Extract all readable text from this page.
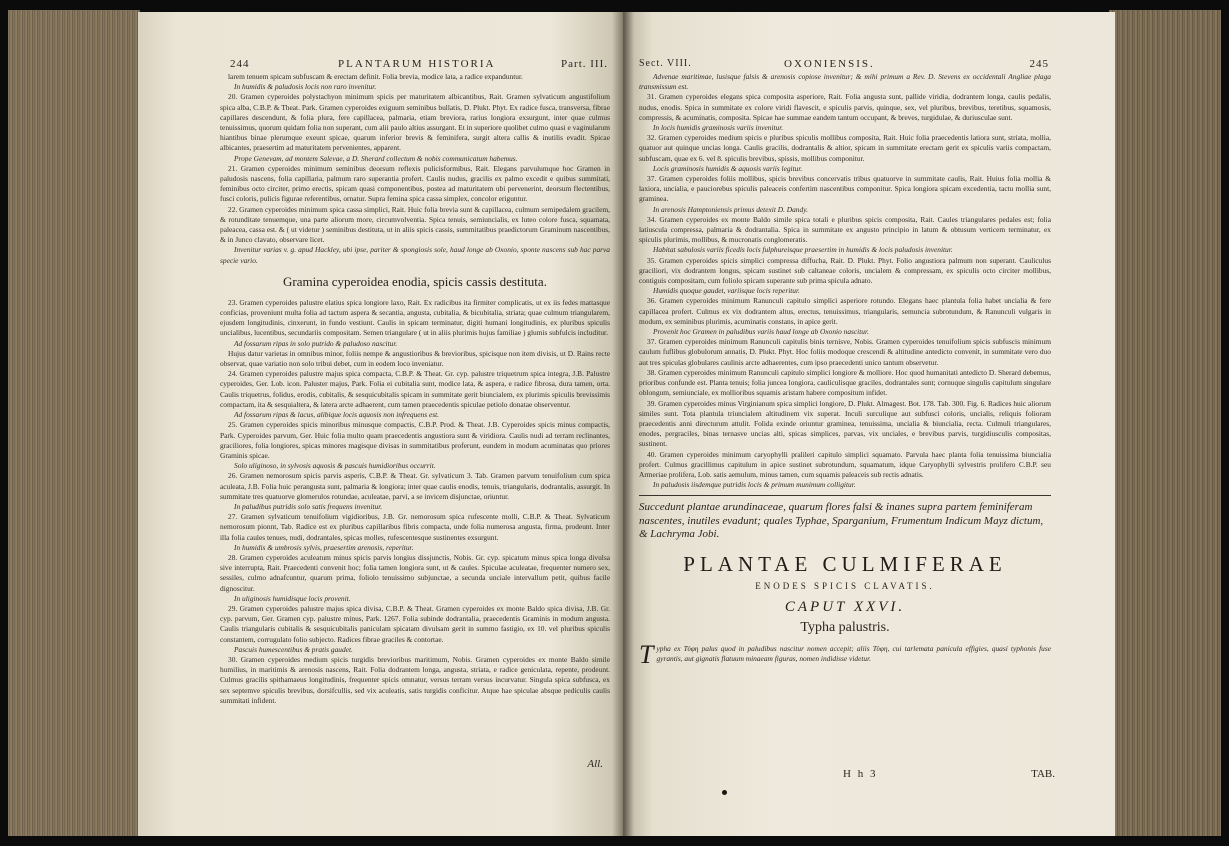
244	PLANTARUM HISTORIA	Part. III.

larem tenuem spicam subfuscam & erectam definit. Folia brevia, modice lata, a radice expanduntur.

In humidis & paludosis locis non raro invenitur.

20. Gramen cyperoides polystachyon minimum spicis per maturitatem albicantibus, Rait. Gramen sylvaticum angustifolium spica alba, C.B.P. & Theat. Park. Gramen cyperoides exiguum seminibus bullatis, D. Plukt. Phyt. Ex radice fusca, transversa, fibrae capillares descendunt, & folia plura, fere capillacea, palmaria, etiam breviora, rarius longiora exsurgunt, inter quae culmus tenuissimus, quorum quidam folia non superant, cum alii paulo altius assurgant. Et in superiore quolibet culmo quasi e vaginularum hiantibus binae plerumque exeunt spicae, quarum inferior brevis & feminifera, surgit altera callis & inutilis evadit. Spicae albicantes, praesertim ad maturitatem pervenientes, apparent.

Prope Genevam, ad montem Salevae, a D. Sherard collectum & nobis communicatum habemus.

21. Gramen cyperoides minimum seminibus deorsum reflexis pulicisformibus, Rait. Elegans parvulumque hoc Gramen in paludosis nascens, folia capillaria, palmum raro superantia profert. Caulis nudus, gracilis ex palmo excedit e quibus summitati, feminibus octo circiter, primo erectis, spicam quasi componentibus, postea ad maturitatem ubi pervenerint, deorsum flectentibus, fusci coloris, pulicis figurae referentibus, ornatur. Supra femina spica cassa simplex, concolor eriguntur.

22. Gramen cyperoides minimum spica cassa simplici, Rait. Huic folia brevia sunt & capillacea, culmum semipedalem gracilem, & rotunditate tenuemque, una parte aliorum more, circumvolventia. Spica tenuis, semiuncialis, ex luteo colore fusca, squamata, paleacea, cassa est. & ( ut videtur ) seminibus destituta, ut in aliis spicis cassis, summitatibus praedictorum Graminum nascentibus, & in Junco clavato, observare licet.

Invenitur varias v. g. apud Hackley, ubi ipse, pariter & spongiosis sole, haud longe ab Oxonio, sponte nascens sub hac parva specie vario.

Gramina cyperoidea enodia, spicis cassis destituta.

23. Gramen cyperoides palustre elatius spica longiore laxo, Rait. Ex radicibus ita firmiter complicatis, ut ex iis fedes mattasque conficias, proveniunt multa folia ad tactum aspera & secantia, angusta, cubitalia, & bicubitalia, striata; quae culmum triangularem, ejusdem longitudinis, cinxerunt, in fundo vestiunt. Caulis in spicam terminatur, digiti humani longitudinis, ex pluribus spiculis uncialibus, lucentibus, secundariis compositam. Semen triangulare ( ut in aliis plurimis hujus familiae ) glumis subfulcis includitur.

Ad fossarum ripas in solo putrido & paludoso nascitur.

Hujus datur varietas in omnibus minor, foliis nempe & angustioribus & brevioribus, spicisque non item divisis, ut D. Rains recte observat, quae variatio non solo tribui debet, cum in eodem loco inveniatur.

24. Gramen cyperoides palustre majus spica compacta, C.B.P. & Theat. Gr. cyp. palustre triquetrum spica integra, J.B. Palustre cyperoides, Ger. Lob. icon. Paluster majus, Park. Folia ei cubitalia sunt, modice lata, & aspera, e radice fibrosa, dura tamen, orta. Caulis triquetrus, folidus, erodis, cubitalis, & sesquicubitalis spicam in summitate gerit biuncialem, ex plurimis spiculis brevissimis compactam, ita & sesquialtera, & latera arcte adhaerent, cum tamen praecedentis spiculae petiolo donatae observentur.

Ad fossarum ripas & lacus, alibique locis aquosis non infrequens est.

25. Gramen cyperoides spicis minoribus minusque compactis, C.B.P. Prod. & Theat. J.B. Cyperoides spicis minus compactis, Park. Cyperoides parvum, Ger. Huic folia multo quam praecedentis angustiora sunt & viridiora. Caulis nudi ad terram reclinantes, graciliores, folia longiores, spicas minores magisque divisas in summitatibus proferunt, eundem in modum acuminatas quo priores Graminis spicae.

Solo uliginoso, in sylvosis aquosis & pascuis humidioribus occurrit.

26. Gramen nemorosum spicis parvis asperis, C.B.P. & Theat. Gr. sylvaticum 3. Tab. Gramen parvum tenuifolium cum spica aculeata, J.B. Folia huic perangusta sunt, palmaria & longiora; inter quae caulis enodis, tenuis, triangularis, dodrantalis, assurgit. In summitate tres quatuorve glomerulos rotundae, aculeatae, parvi, a se invicem disjunctae, oriuntur.

In paludibus putridis solo satis frequens invenitur.

27. Gramen sylvaticum tenuifolium vigidioribus, J.B. Gr. nemorosum spica rufescente molli, C.B.P. & Theat. Sylvaticum nemorosum pionnt, Tab. Radice est ex pluribus capillaribus fibris compacta, unde folia numerosa angusta, firma, prodeunt. Inter illa folia caules tenues, nudi, dodrantales, spicas molles, rufescentesque sustinentes exsurgunt.

In humidis & umbrosis sylvis, praesertim arenosis, reperitur.

28. Gramen cyperoides aculeatum minus spicis parvis longius dissjunctis, Nobis. Gr. cyp. spicatum minus spica longa divulsa sive interrupta, Rait. Praecedenti convenit hoc; folia tamen longiora sunt, ut & caules. Spiculae aculeatae, frequenter numero sex, sessiles, culmo adnafcuntur, quarum prima, foliolo tenuissimo subjunctae, a secunda unciale intervallum petit, quibus facile dignoscitur.

In uliginosis humidisque locis provenit.

29. Gramen cyperoides palustre majus spica divisa, C.B.P. & Theat. Gramen cyperoides ex monte Baldo spica divisa, J.B. Gr. cyp. parvum, Ger. Gramen cyp. palustre minus, Park. 1267. Folia subinde dodrantalia, praecedentis Graminis in modum angusta. Caulis triangularis cubitalis & sesquicubitalis paniculam spicatam divulsam gerit in summo fastigio, ex 10. vel pluribus spiculis constantem, corrugulato folio subjecto. Radices fibrae graciles & contortae.

Pascuis humescentibus & pratis gaudet.

30. Gramen cyperoides medium spicis turgidis brevioribus maritimum, Nobis. Gramen cyperoides ex monte Baldo simile humilius, in maritimis & arenosis nascens, Rait. Folia dodrantem longa, angusta, striata, e radice geniculata, repente, prodeunt. Culmus gracilis spithamaeus longitudinis, frequenter spicis omnatur, versus terram versus incurvatur. Singula spica subfusca, ex sex septemve spiculis brevibus, dorsifcullis, sed vix aculeatis, satis turgidis conficitur. Atque hae spiculae absque pediculis caulis summitati infident.

All.
Sect. VIII.	OXONIENSIS.	245

Advenae maritimae, lusisque falsis & arenosis copiose invenitur; & mihi primum a Rev. D. Stevens ex occidentali Angliae plaga transmissum est.

31. Gramen cyperoides elegans spica composita asperiore, Rait. Folia angusta sunt, pallide viridia, dodrantem longa, caulis pedalis, nudus, enodis. Spica in summitate ex colore viridi flavescit, e spiculis parvis, quinque, sex, vel pluribus, brevibus, teretibus, squamosis, compressis, & acuminatis, composita. Spicae hae summae eandem tantum occupant, & breves, turgidulae, & duriusculae sunt.

In locis humidis graminosis variis invenitur.

32. Gramen cyperoides medium spicis e pluribus spiculis mollibus composita, Rait. Huic folia praecedentis latiora sunt, striata, mollia, quatuor aut quinque uncias longa. Caulis gracilis, dodrantalis & altior, spicam in summitate erectam gerit ex spiculis variis compactam, subfuscam, quae ex 6. vel 8. spiculis brevibus, spissis, mollibus componitur.

Locis graminosis humidis & aquosis variis legitur.

37. Gramen cyperoides foliis mollibus, spicis brevibus concervatis tribus quatuorve in summitate caulis, Rait. Huius folia mollia & laxiora, uncialia, e pauciorebus spiculis paleaceis confertim nascentibus componitur. Spica longiora spicam excedentia, tactu mollia sunt, graminea.

In arenosis Hamptoniensis primus detexit D. Dandy.

34. Gramen cyperoides ex monte Baldo simile spica totali e pluribus spicis composita, Rait. Caules triangulares pedales est; folia latiuscula compressa, palmaria & dodrantalia. Spica in summitate ex angusto principio in latum & obtusum verticem terminatur, ex spiculis plurimis, mollibus, & mucronatis conglomeratis.

Habitat sabulosis variis ficedis locis fulphureisque praesertim in humidis & locis paludosis invenitur.

35. Gramen cyperoides spicis simplici compressa diffucha, Rait. D. Plukt. Phyt. Folio angustiora palmum non superant. Cauliculus graciliori, vix dodrantem longus, spicam sustinet sub caltaneae coloris, uncialem & compressam, ex spiculis octo circiter mollibus, contiguis compositam, cum foliolo spicam superante sub prima spicula adnato.

Humidis quoque gaudet, variisque locis reperitur.

36. Gramen cyperoides minimum Ranunculi capitulo simplici asperiore rotundo. Elegans haec plantula folia habet uncialia & fere capillacea profert. Culmus ex vix dodrantem altus, erectus, tenuissimus, triangularis, semuncia subrotundum, & Ranunculi vulgaris in modum, ex seminibus plurimis, acuminatis constans, in apice gerit.

Provenit hoc Gramen in paludibus variis haud longe ab Oxonio nascitur.

37. Gramen cyperoides minimum Ranunculi capitulis binis ternisve, Nobis. Gramen cyperoides tenuifolium spicis subfuscis minimum caulum fuflibus globulorum annatis, D. Plukt. Phyt. Hoc foliis modoque crescendi & altitudine antedicto convenit, in summitate vero duo aut tres spiculas globulares caulinis arcte adhaerentes, cum ipso praecedenti unico tantum observetur.

38. Gramen cyperoides minimum Ranunculi capitulo simplici longiore & molliore. Hoc quod humanitati antedicto D. Sherard debemus, prioribus confunde est. Planta tenuis; folia juncea longiora, cauliculisque graciles, dodrantales sunt; cornuque singulis capitulum singulare oblongum, semiunciale, ex mollioribus squamis aristam habere compositum infidet.

39. Gramen cyperoides minus Virginianum spica simplici longiore, D. Plukt. Almagest. Bot. 178. Tab. 300. Fig. 6. Radices huic aliorum similes sunt. Tota plantula triuncialem altitudinem vix superat. Inculi surculique aut subfusci coloris, uncialis, reliquis folioram praecedentis anni directurum attulit. Folida exinde oriuntur graminea, tenuissima, uncialia & biuncialia, recta. Culmuli triangulares, enodes, pergraciles, binas ternasve uncias alti, spicas simplices, parvas, vix unciales, e brevibus parvis, turgidiusculis compositas, sustinent.

40. Gramen cyperoides minimum caryophylli pralileri capitulo simplici squamato. Parvula haec planta folia tenuissima biuncialia profert. Culmus gracillimus capitulum in apice sustinet subrotundum, squamatum, idque Caryophylli sylvestris prolifero C.B.P. seu Armeriae prolifera, Lob. satis aemulum, minus tamen, cum squamis paleaceis sub rectis adnatis.

In paludosis iisdemque putridis locis & primum munimum colligitur.

Succedunt plantae arundinaceae, quarum flores falsi & inanes supra partem feminiferam nascentes, inutiles evadunt; quales Typhae, Sparganium, Frumentum Indicum Mayz dictum, & Lachryma Jobi.
PLANTAE CULMIFERAE
ENODES SPICIS CLAVATIS.
CAPUT XXVI.
Typha palustris.
T ypha ex Τύφη palus quod in paludibus nascitur nomen accepit; aliis Τύφη, cui tarlemata panicula effigies, quasi typhonis fuse gyrantis, aut gignatis flatuum minaeam figuras, nomen indidisse videtur.
H h 3	TAB.
